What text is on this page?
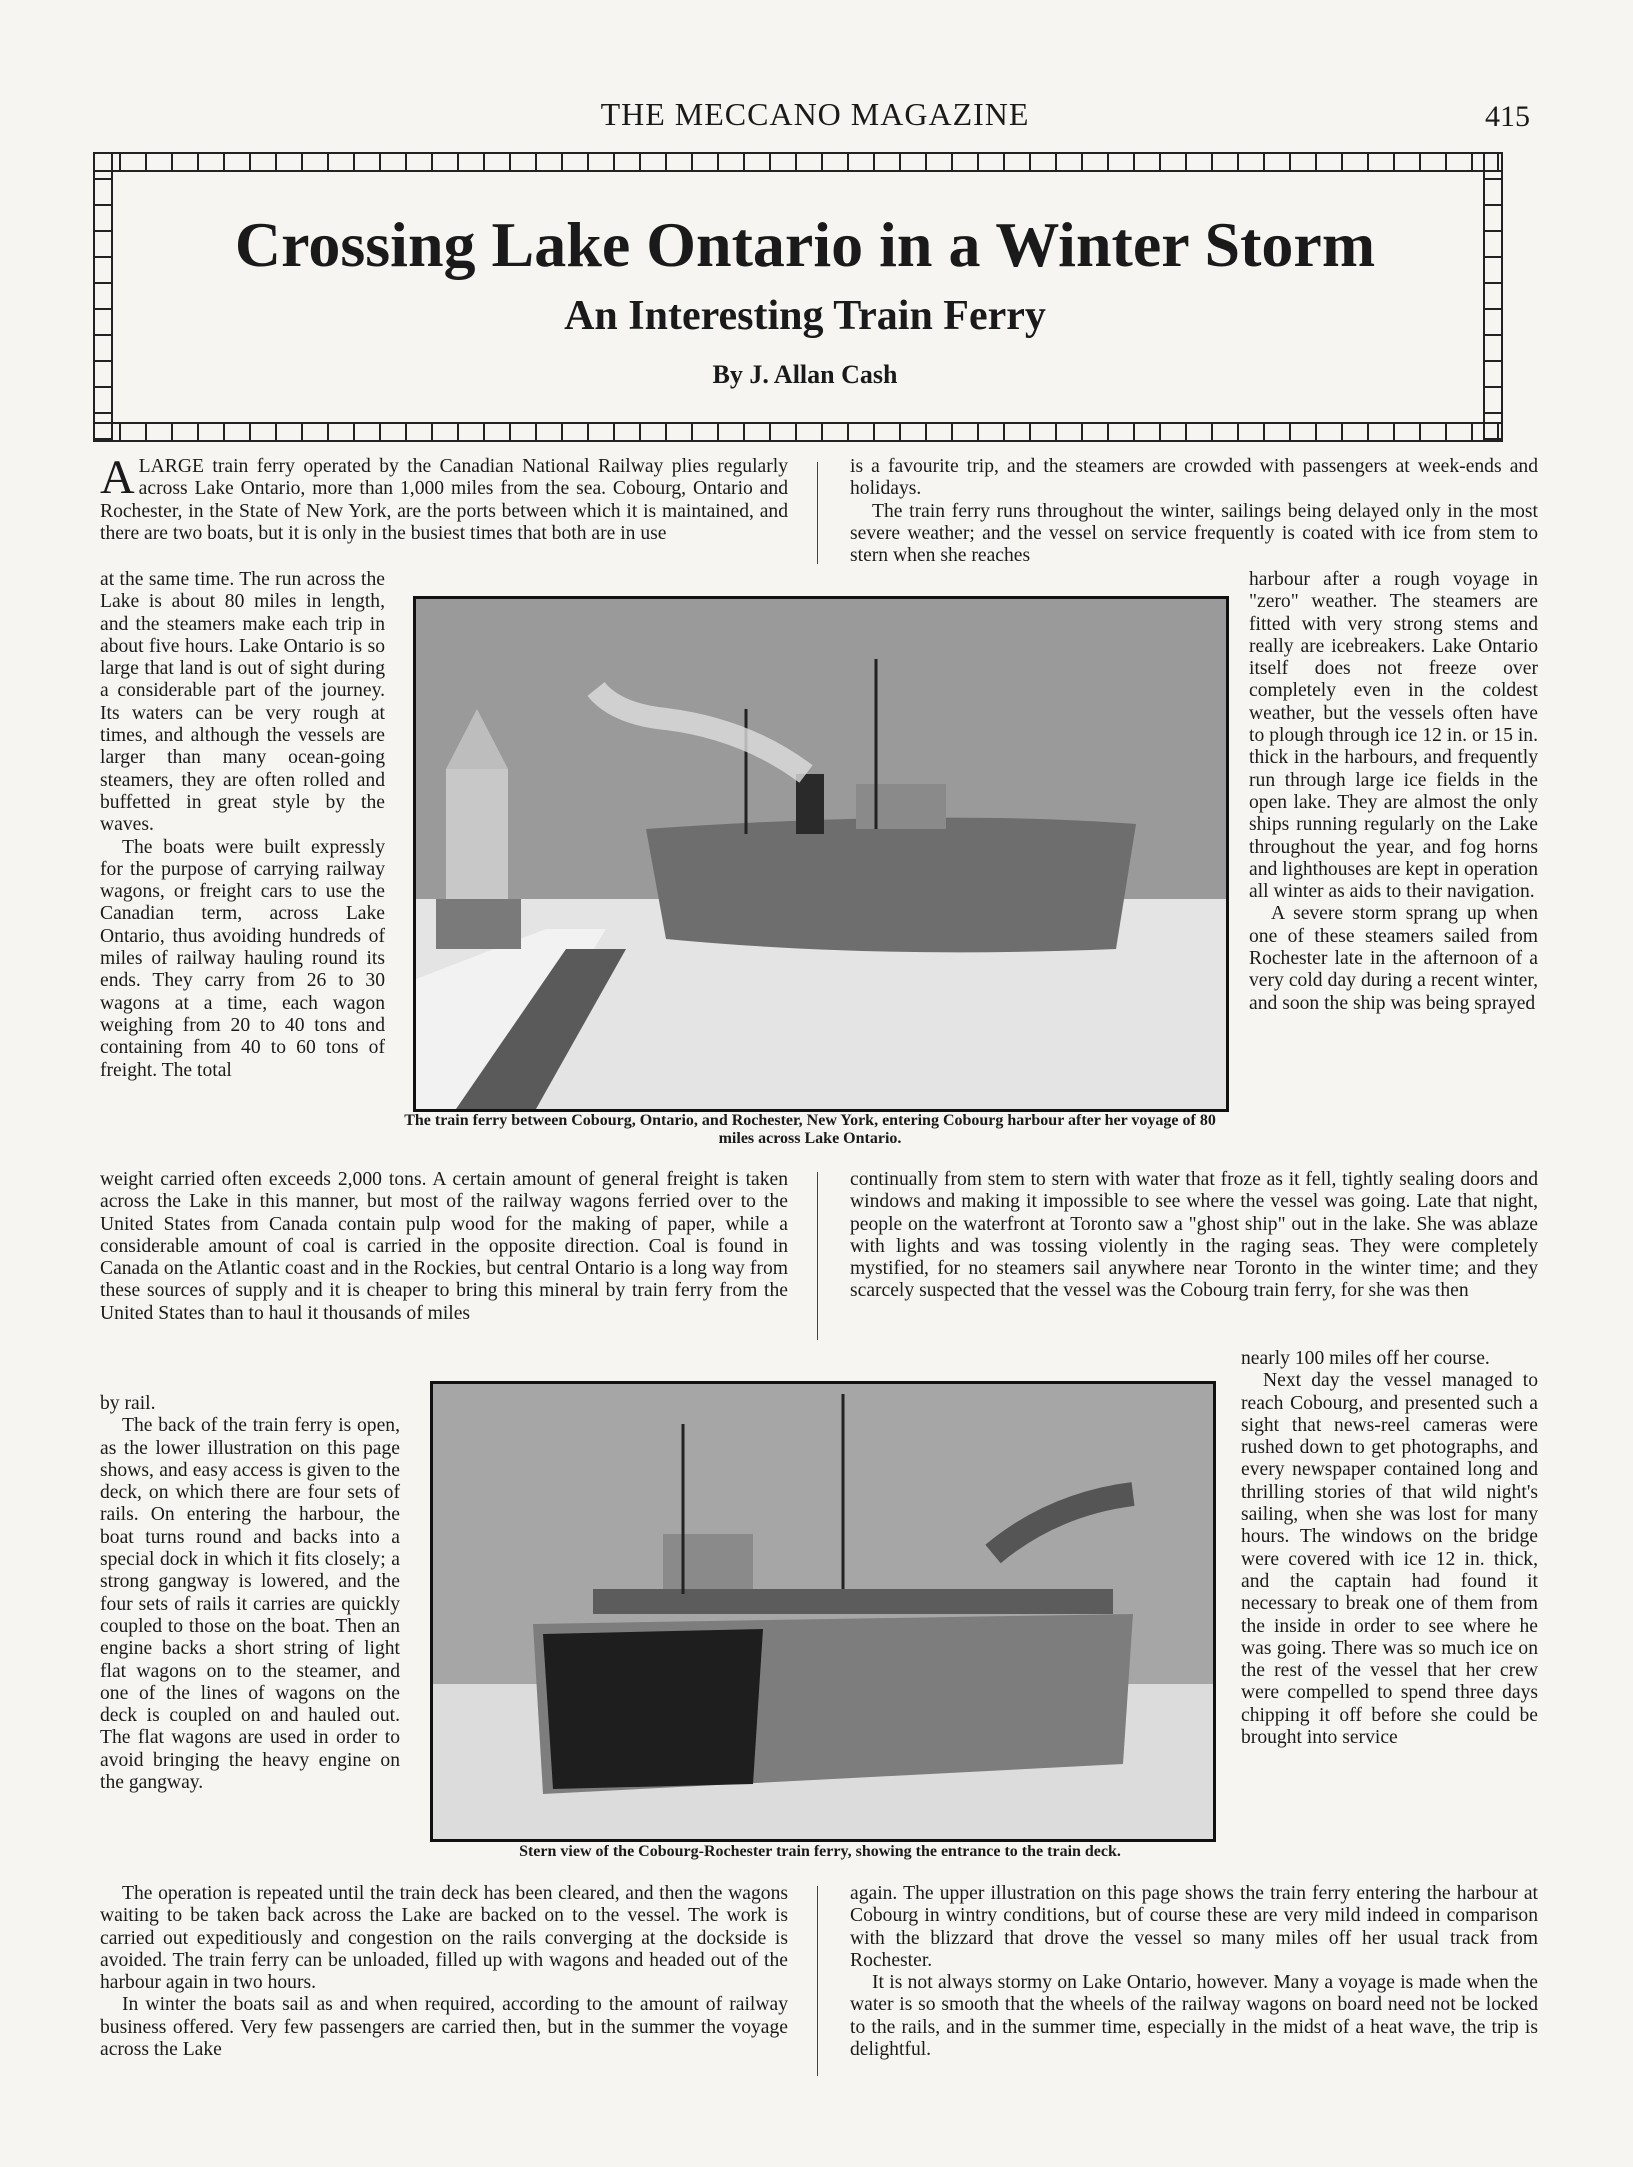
THE MECCANO MAGAZINE	415
Crossing Lake Ontario in a Winter Storm
An Interesting Train Ferry
By J. Allan Cash
ALARGE train ferry operated by the Canadian National Railway plies regularly across Lake Ontario, more than 1,000 miles from the sea. Cobourg, Ontario and Rochester, in the State of New York, are the ports between which it is maintained, and there are two boats, but it is only in the busiest times that both are in use
is a favourite trip, and the steamers are crowded with passengers at week-ends and holidays.
The train ferry runs throughout the winter, sailings being delayed only in the most severe weather; and the vessel on service frequently is coated with ice from stem to stern when she reaches
at the same time. The run across the Lake is about 80 miles in length, and the steamers make each trip in about five hours. Lake Ontario is so large that land is out of sight during a considerable part of the journey. Its waters can be very rough at times, and although the vessels are larger than many ocean-going steamers, they are often rolled and buffetted in great style by the waves.
The boats were built expressly for the purpose of carrying railway wagons, or freight cars to use the Canadian term, across Lake Ontario, thus avoiding hundreds of miles of railway hauling round its ends. They carry from 26 to 30 wagons at a time, each wagon weighing from 20 to 40 tons and containing from 40 to 60 tons of freight. The total
harbour after a rough voyage in "zero" weather. The steamers are fitted with very strong stems and really are icebreakers. Lake Ontario itself does not freeze over completely even in the coldest weather, but the vessels often have to plough through ice 12 in. or 15 in. thick in the harbours, and frequently run through large ice fields in the open lake. They are almost the only ships running regularly on the Lake throughout the year, and fog horns and lighthouses are kept in operation all winter as aids to their navigation.
A severe storm sprang up when one of these steamers sailed from Rochester late in the afternoon of a very cold day during a recent winter, and soon the ship was being sprayed
The train ferry between Cobourg, Ontario, and Rochester, New York, entering Cobourg harbour after her voyage of 80 miles across Lake Ontario.
weight carried often exceeds 2,000 tons. A certain amount of general freight is taken across the Lake in this manner, but most of the railway wagons ferried over to the United States from Canada contain pulp wood for the making of paper, while a considerable amount of coal is carried in the opposite direction. Coal is found in Canada on the Atlantic coast and in the Rockies, but central Ontario is a long way from these sources of supply and it is cheaper to bring this mineral by train ferry from the United States than to haul it thousands of miles
continually from stem to stern with water that froze as it fell, tightly sealing doors and windows and making it impossible to see where the vessel was going. Late that night, people on the waterfront at Toronto saw a "ghost ship" out in the lake. She was ablaze with lights and was tossing violently in the raging seas. They were completely mystified, for no steamers sail anywhere near Toronto in the winter time; and they scarcely suspected that the vessel was the Cobourg train ferry, for she was then
by rail.
The back of the train ferry is open, as the lower illustration on this page shows, and easy access is given to the deck, on which there are four sets of rails. On entering the harbour, the boat turns round and backs into a special dock in which it fits closely; a strong gangway is lowered, and the four sets of rails it carries are quickly coupled to those on the boat. Then an engine backs a short string of light flat wagons on to the steamer, and one of the lines of wagons on the deck is coupled on and hauled out. The flat wagons are used in order to avoid bringing the heavy engine on the gangway.
nearly 100 miles off her course.
Next day the vessel managed to reach Cobourg, and presented such a sight that news-reel cameras were rushed down to get photographs, and every newspaper contained long and thrilling stories of that wild night's sailing, when she was lost for many hours. The windows on the bridge were covered with ice 12 in. thick, and the captain had found it necessary to break one of them from the inside in order to see where he was going. There was so much ice on the rest of the vessel that her crew were compelled to spend three days chipping it off before she could be brought into service
Stern view of the Cobourg-Rochester train ferry, showing the entrance to the train deck.
The operation is repeated until the train deck has been cleared, and then the wagons waiting to be taken back across the Lake are backed on to the vessel. The work is carried out expeditiously and congestion on the rails converging at the dockside is avoided. The train ferry can be unloaded, filled up with wagons and headed out of the harbour again in two hours.
In winter the boats sail as and when required, according to the amount of railway business offered. Very few passengers are carried then, but in the summer the voyage across the Lake
again. The upper illustration on this page shows the train ferry entering the harbour at Cobourg in wintry conditions, but of course these are very mild indeed in comparison with the blizzard that drove the vessel so many miles off her usual track from Rochester.
It is not always stormy on Lake Ontario, however. Many a voyage is made when the water is so smooth that the wheels of the railway wagons on board need not be locked to the rails, and in the summer time, especially in the midst of a heat wave, the trip is delightful.
